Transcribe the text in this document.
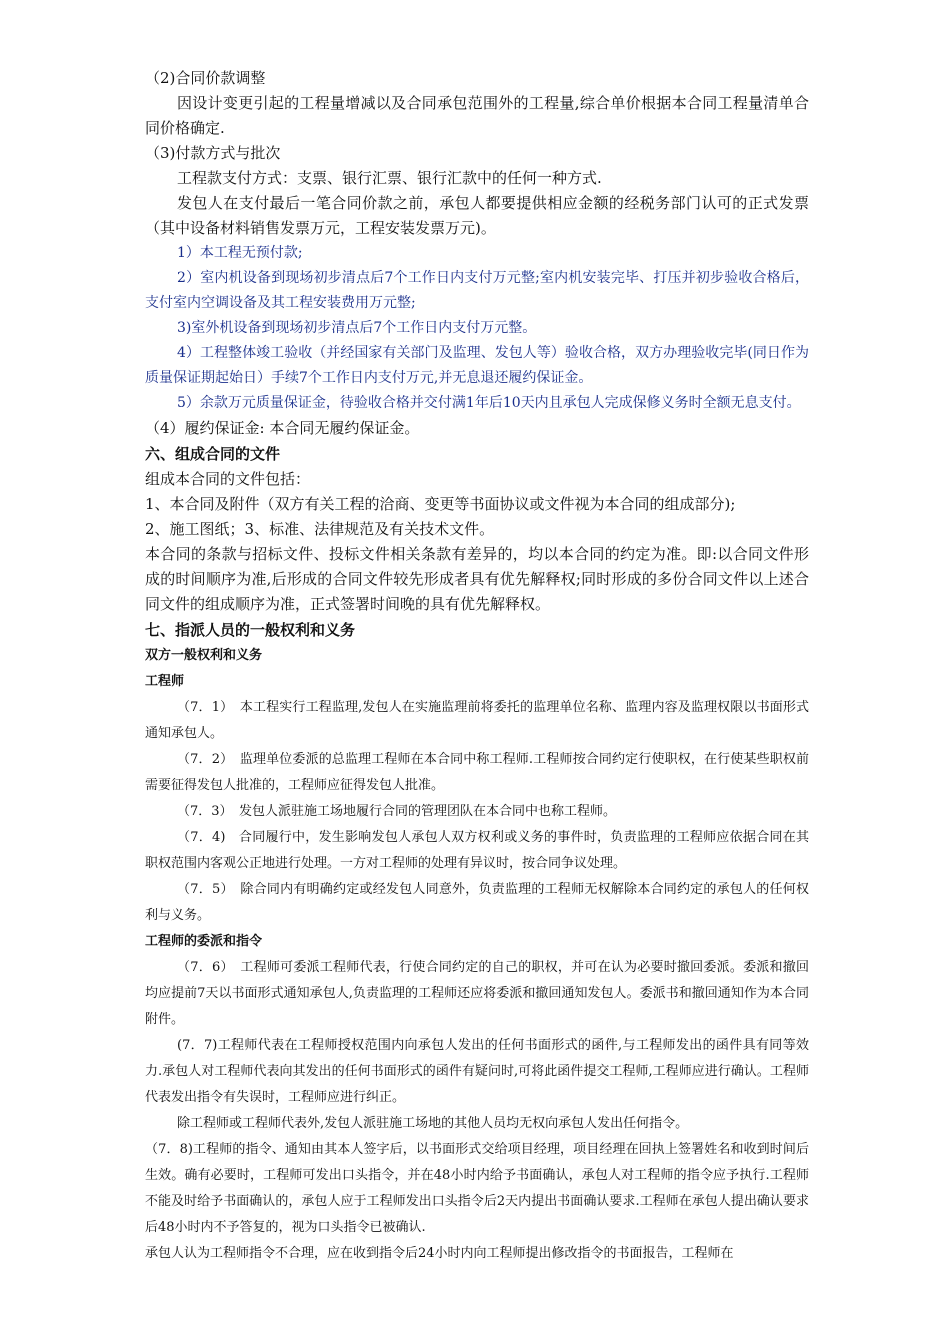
（2)合同价款调整

因设计变更引起的工程量增减以及合同承包范围外的工程量,综合单价根据本合同工程量清单合同价格确定.

（3)付款方式与批次

工程款支付方式：支票、银行汇票、银行汇款中的任何一种方式.

发包人在支付最后一笔合同价款之前，承包人都要提供相应金额的经税务部门认可的正式发票（其中设备材料销售发票万元，工程安装发票万元)。

1）本工程无预付款;

2）室内机设备到现场初步清点后7个工作日内支付万元整;室内机安装完毕、打压并初步验收合格后，支付室内空调设备及其工程安装费用万元整;

3)室外机设备到现场初步清点后7个工作日内支付万元整。

4）工程整体竣工验收（并经国家有关部门及监理、发包人等）验收合格，双方办理验收完毕(同日作为质量保证期起始日）手续7个工作日内支付万元,并无息退还履约保证金。

5）余款万元质量保证金，待验收合格并交付满1年后10天内且承包人完成保修义务时全额无息支付。

（4）履约保证金: 本合同无履约保证金。

六、组成合同的文件

组成本合同的文件包括：

1、本合同及附件（双方有关工程的洽商、变更等书面协议或文件视为本合同的组成部分);

2、施工图纸；3、标准、法律规范及有关技术文件。

本合同的条款与招标文件、投标文件相关条款有差异的，均以本合同的约定为准。即:以合同文件形成的时间顺序为准,后形成的合同文件较先形成者具有优先解释权;同时形成的多份合同文件以上述合同文件的组成顺序为准，正式签署时间晚的具有优先解释权。

七、指派人员的一般权利和义务

双方一般权利和义务

工程师

（7．1）　本工程实行工程监理,发包人在实施监理前将委托的监理单位名称、监理内容及监理权限以书面形式通知承包人。

（7．2）　监理单位委派的总监理工程师在本合同中称工程师.工程师按合同约定行使职权，在行使某些职权前需要征得发包人批准的，工程师应征得发包人批准。

（7．3）　发包人派驻施工场地履行合同的管理团队在本合同中也称工程师。

（7．4)　合同履行中，发生影响发包人承包人双方权利或义务的事件时，负责监理的工程师应依据合同在其职权范围内客观公正地进行处理。一方对工程师的处理有异议时，按合同争议处理。

（7．5）　除合同内有明确约定或经发包人同意外，负责监理的工程师无权解除本合同约定的承包人的任何权利与义务。

工程师的委派和指令

（7．6）　工程师可委派工程师代表，行使合同约定的自己的职权，并可在认为必要时撤回委派。委派和撤回均应提前7天以书面形式通知承包人,负责监理的工程师还应将委派和撤回通知发包人。委派书和撤回通知作为本合同附件。

(7．7)工程师代表在工程师授权范围内向承包人发出的任何书面形式的函件,与工程师发出的函件具有同等效力.承包人对工程师代表向其发出的任何书面形式的函件有疑问时,可将此函件提交工程师,工程师应进行确认。工程师代表发出指令有失误时，工程师应进行纠正。

除工程师或工程师代表外,发包人派驻施工场地的其他人员均无权向承包人发出任何指令。

（7．8)工程师的指令、通知由其本人签字后，以书面形式交给项目经理，项目经理在回执上签署姓名和收到时间后生效。确有必要时，工程师可发出口头指令，并在48小时内给予书面确认，承包人对工程师的指令应予执行.工程师不能及时给予书面确认的，承包人应于工程师发出口头指令后2天内提出书面确认要求.工程师在承包人提出确认要求后48小时内不予答复的，视为口头指令已被确认.

承包人认为工程师指令不合理，应在收到指令后24小时内向工程师提出修改指令的书面报告，工程师在
